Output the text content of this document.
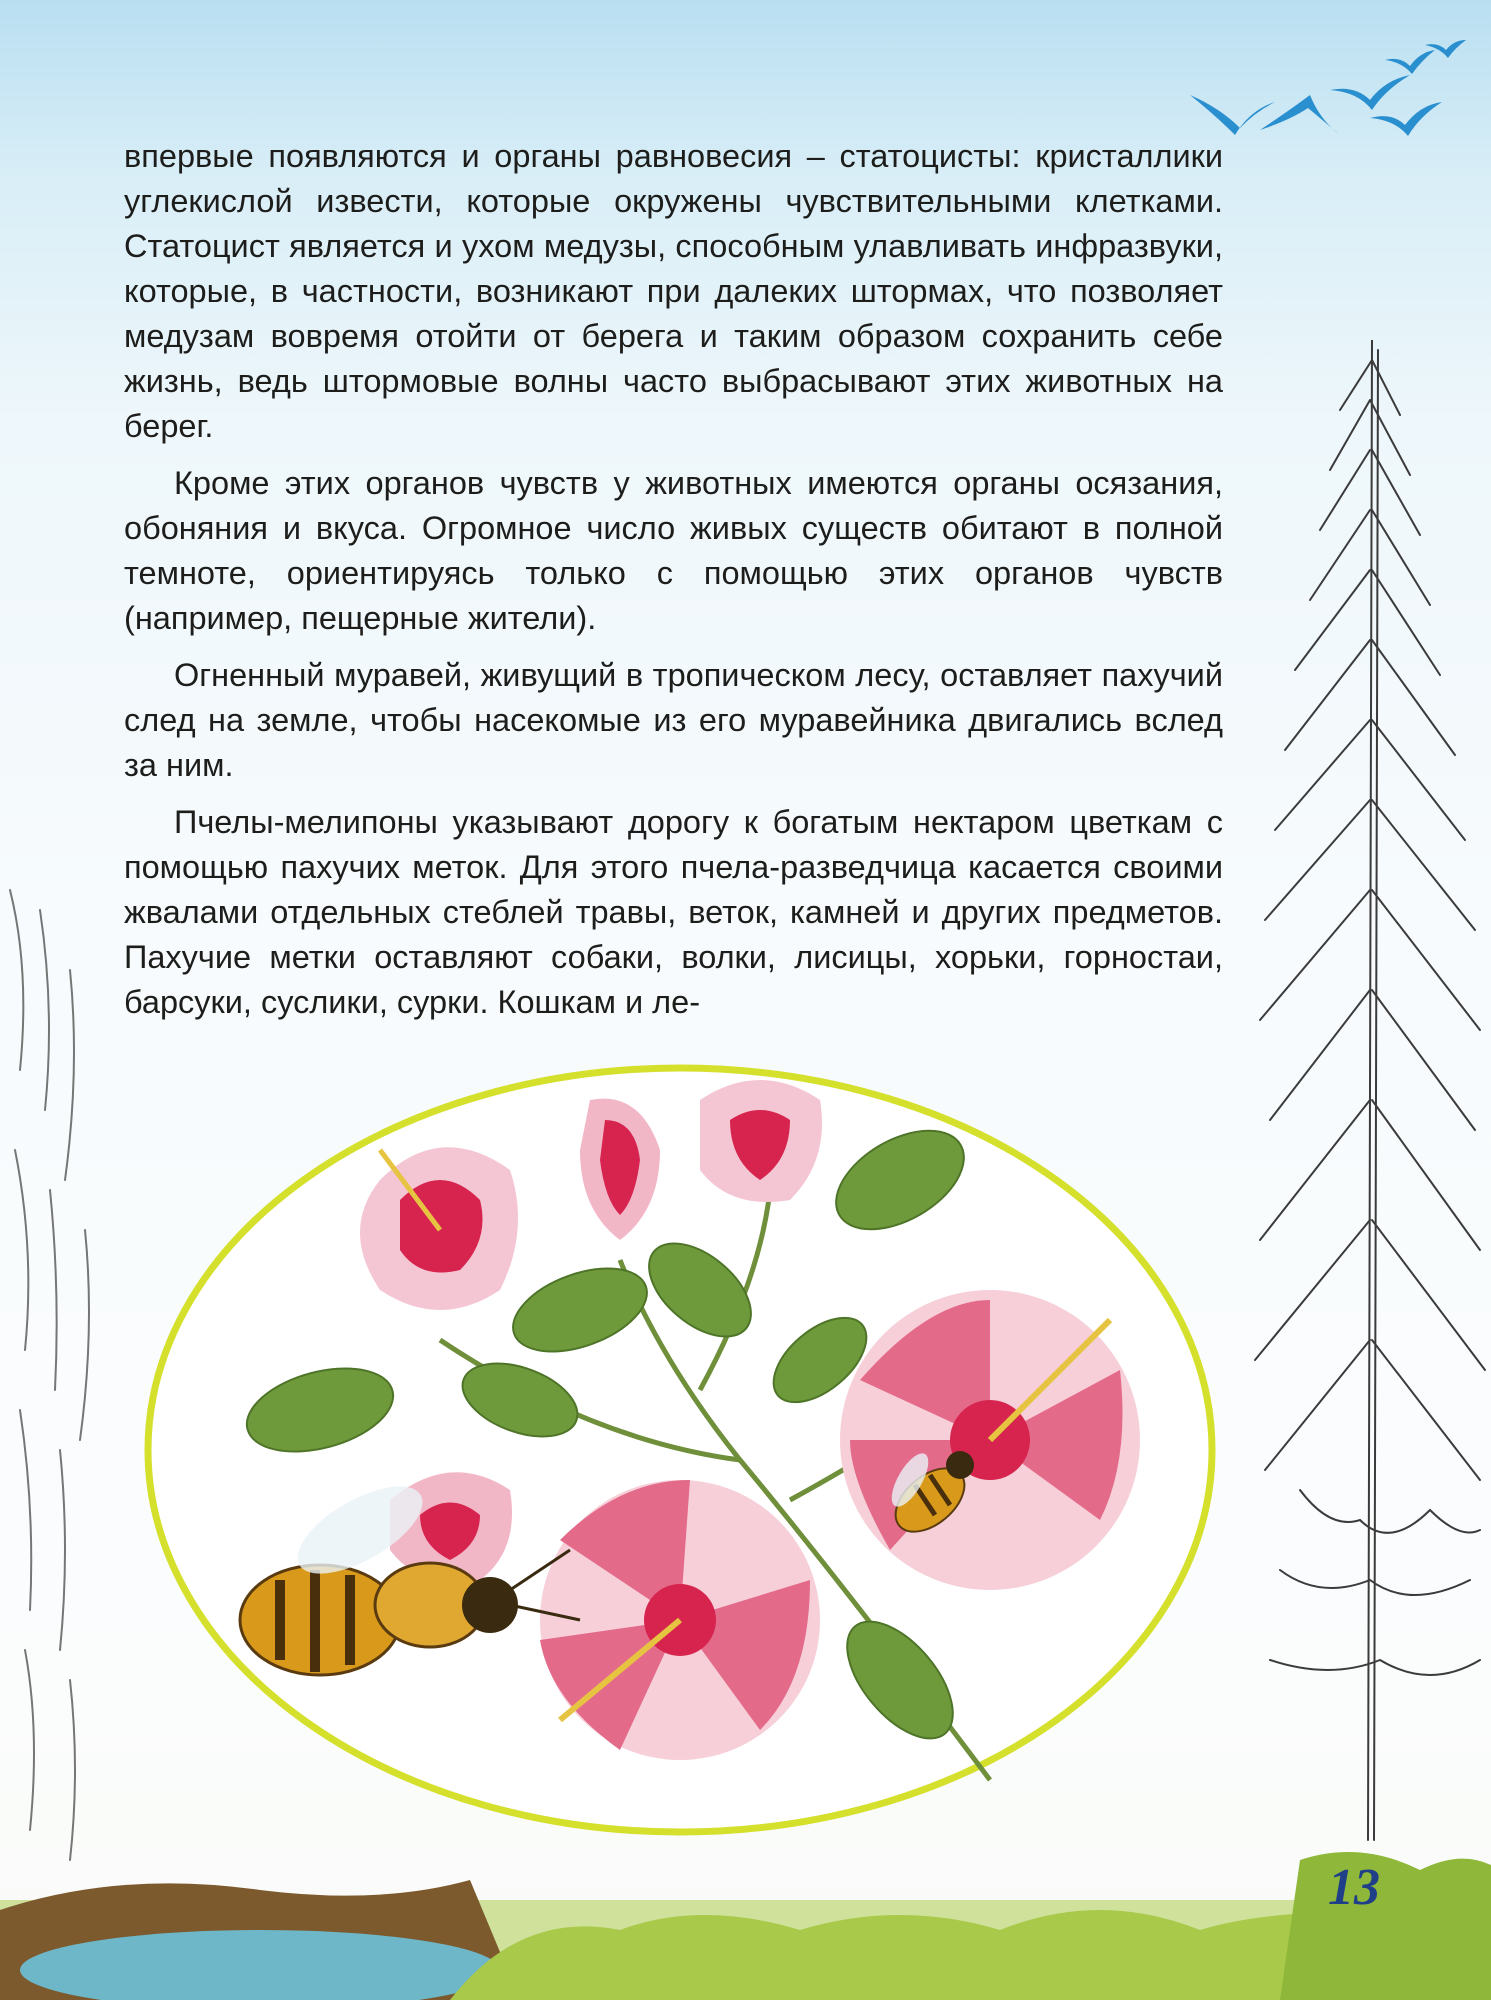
впервые появляются и органы равновесия – статоцисты: кристаллики углекислой извести, которые окружены чувствительными клетками. Статоцист является и ухом медузы, способным улавливать инфразвуки, которые, в частности, возникают при далеких штормах, что позволяет медузам вовремя отойти от берега и таким образом сохранить себе жизнь, ведь штормовые волны часто выбрасывают этих животных на берег.

Кроме этих органов чувств у животных имеются органы осязания, обоняния и вкуса. Огромное число живых существ обитают в полной темноте, ориентируясь только с помощью этих органов чувств (например, пещерные жители).

Огненный муравей, живущий в тропическом лесу, оставляет пахучий след на земле, чтобы насекомые из его муравейника двигались вслед за ним.

Пчелы-мелипоны указывают дорогу к богатым нектаром цветкам с помощью пахучих меток. Для этого пчела-разведчица касается своими жвалами отдельных стеблей травы, веток, камней и других предметов. Пахучие метки оставляют собаки, волки, лисицы, хорьки, горностаи, барсуки, суслики, сурки. Кошкам и ле-

13
